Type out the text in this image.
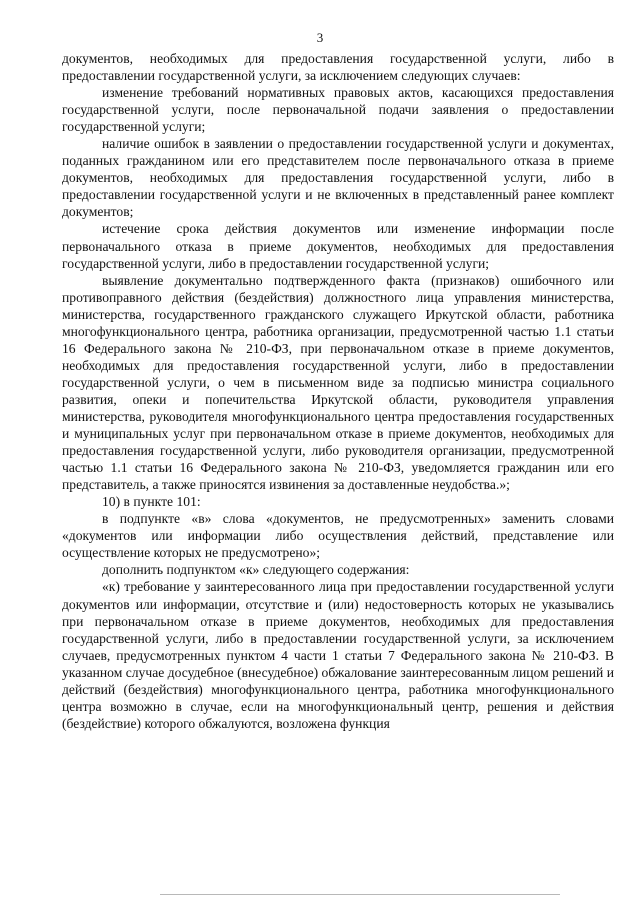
3

документов, необходимых для предоставления государственной услуги, либо в предоставлении государственной услуги, за исключением следующих случаев:

изменение требований нормативных правовых актов, касающихся предоставления государственной услуги, после первоначальной подачи заявления о предоставлении государственной услуги;

наличие ошибок в заявлении о предоставлении государственной услуги и документах, поданных гражданином или его представителем после первоначального отказа в приеме документов, необходимых для предоставления государственной услуги, либо в предоставлении государственной услуги и не включенных в представленный ранее комплект документов;

истечение срока действия документов или изменение информации после первоначального отказа в приеме документов, необходимых для предоставления государственной услуги, либо в предоставлении государственной услуги;

выявление документально подтвержденного факта (признаков) ошибочного или противоправного действия (бездействия) должностного лица управления министерства, министерства, государственного гражданского служащего Иркутской области, работника многофункционального центра, работника организации, предусмотренной частью 1.1 статьи 16 Федерального закона № 210-ФЗ, при первоначальном отказе в приеме документов, необходимых для предоставления государственной услуги, либо в предоставлении государственной услуги, о чем в письменном виде за подписью министра социального развития, опеки и попечительства Иркутской области, руководителя управления министерства, руководителя многофункционального центра предоставления государственных и муниципальных услуг при первоначальном отказе в приеме документов, необходимых для предоставления государственной услуги, либо руководителя организации, предусмотренной частью 1.1 статьи 16 Федерального закона № 210-ФЗ, уведомляется гражданин или его представитель, а также приносятся извинения за доставленные неудобства.»;

10) в пункте 101:

в подпункте «в» слова «документов, не предусмотренных» заменить словами «документов или информации либо осуществления действий, представление или осуществление которых не предусмотрено»;

дополнить подпунктом «к» следующего содержания:

«к) требование у заинтересованного лица при предоставлении государственной услуги документов или информации, отсутствие и (или) недостоверность которых не указывались при первоначальном отказе в приеме документов, необходимых для предоставления государственной услуги, либо в предоставлении государственной услуги, за исключением случаев, предусмотренных пунктом 4 части 1 статьи 7 Федерального закона № 210-ФЗ. В указанном случае досудебное (внесудебное) обжалование заинтересованным лицом решений и действий (бездействия) многофункционального центра, работника многофункционального центра возможно в случае, если на многофункциональный центр, решения и действия (бездействие) которого обжалуются, возложена функция
